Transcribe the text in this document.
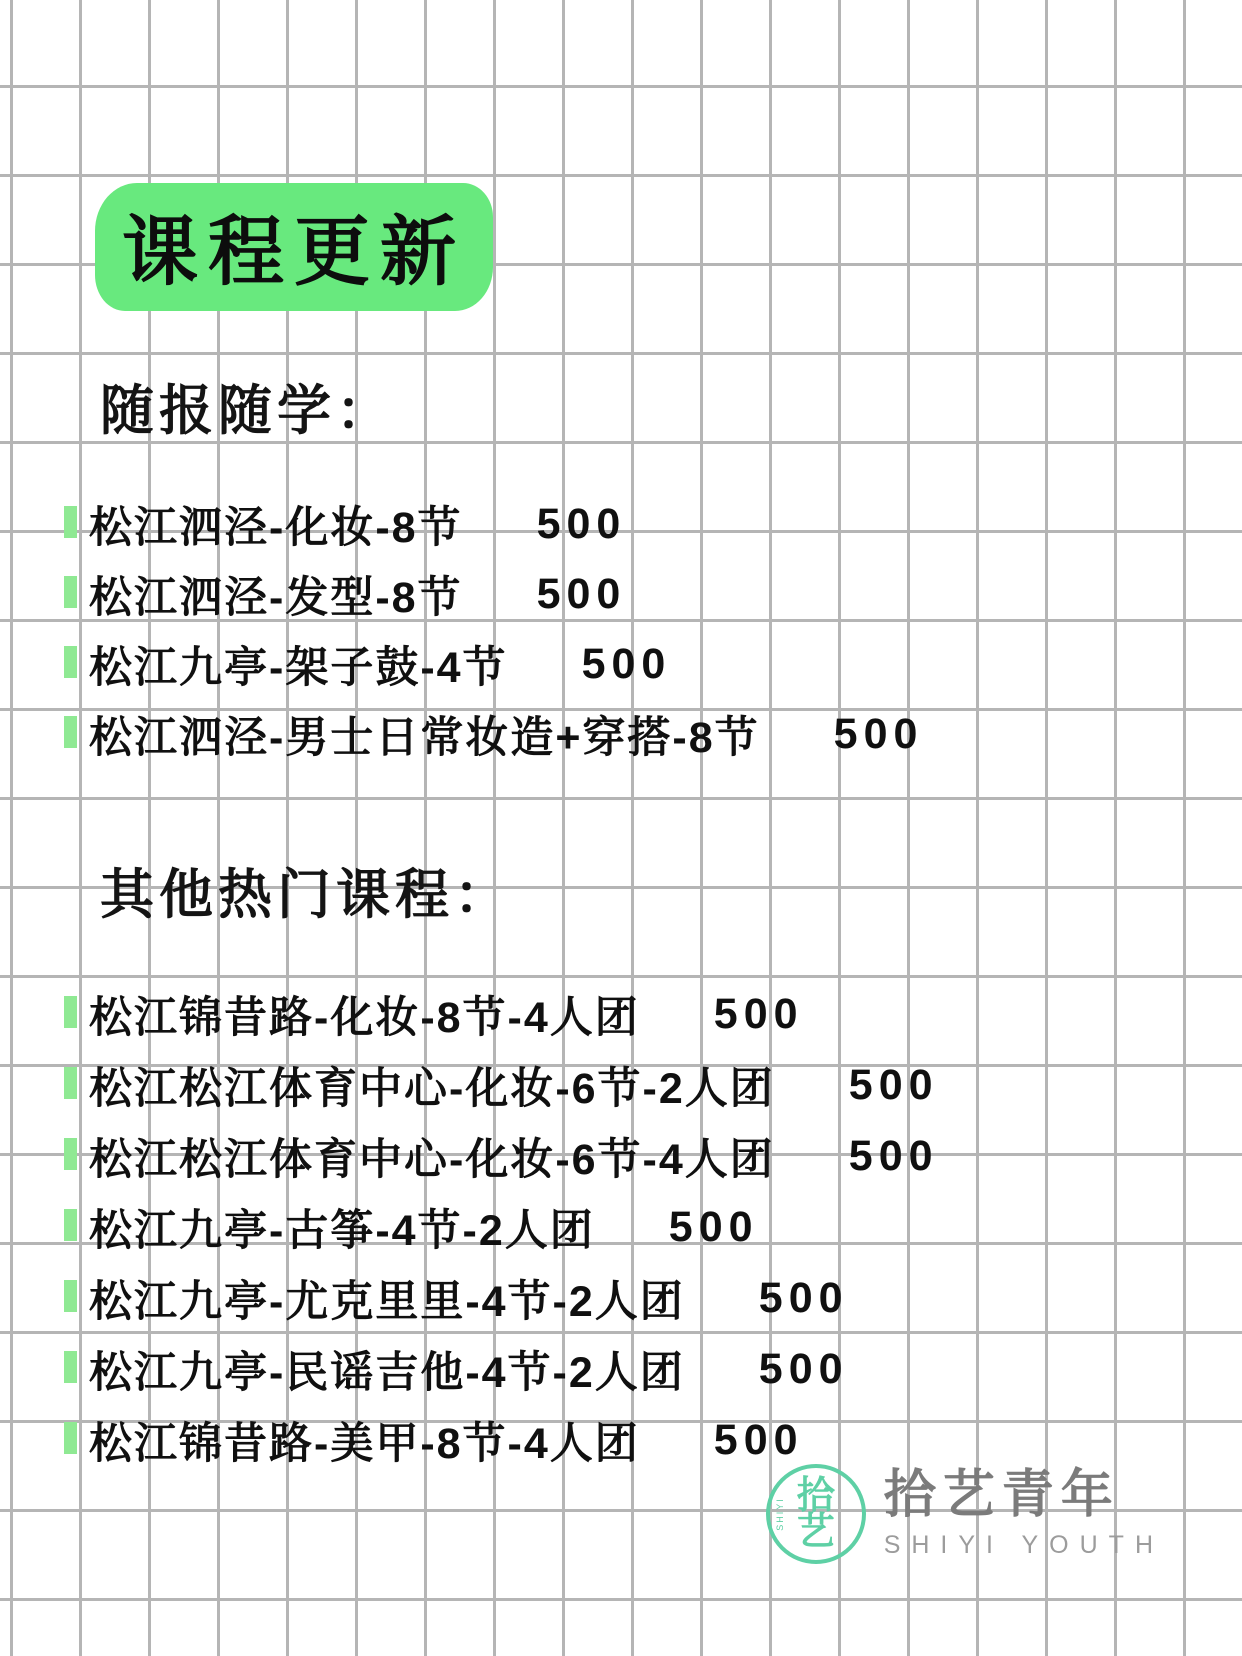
课程更新
随报随学：
松江泗泾-化妆-8节	500
松江泗泾-发型-8节	500
松江九亭-架子鼓-4节	500
松江泗泾-男士日常妆造+穿搭-8节	500
其他热门课程：
松江锦昔路-化妆-8节-4人团	500
松江松江体育中心-化妆-6节-2人团	500
松江松江体育中心-化妆-6节-4人团	500
松江九亭-古筝-4节-2人团	500
松江九亭-尤克里里-4节-2人团	500
松江九亭-民谣吉他-4节-2人团	500
松江锦昔路-美甲-8节-4人团	500
SHIYI 拾
艺
拾艺青年
SHIYI YOUTH
